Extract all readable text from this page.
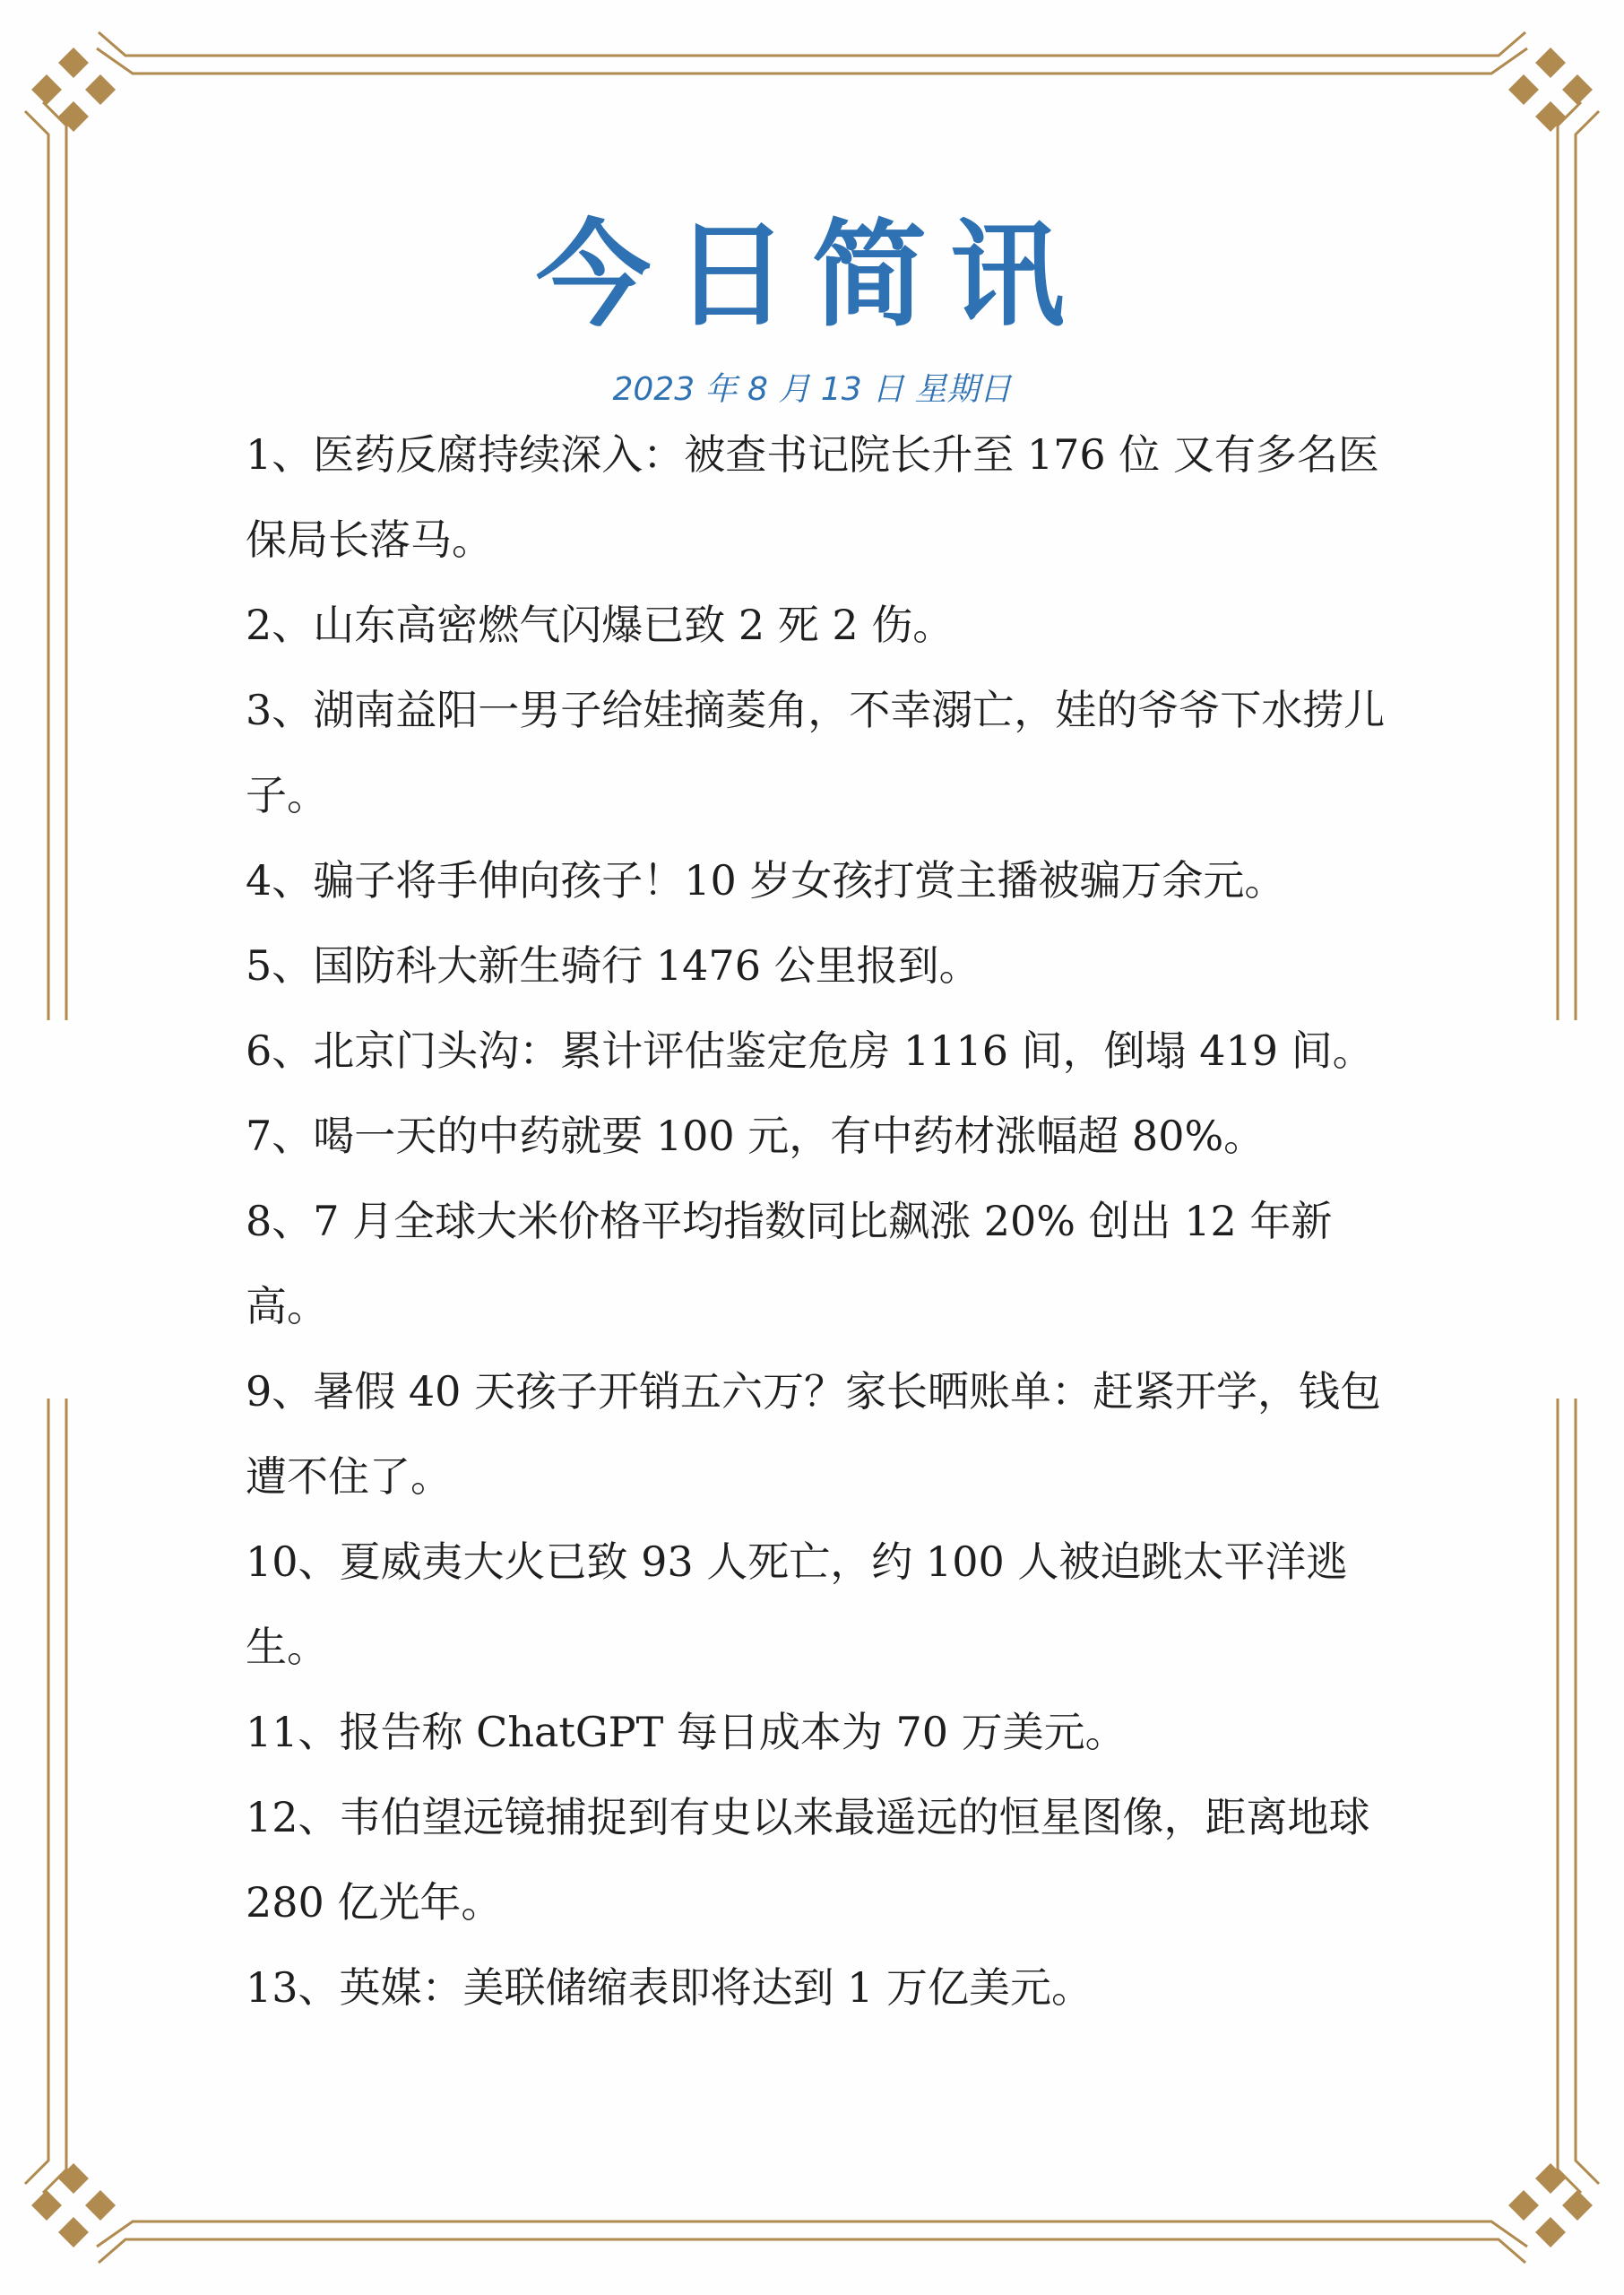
今日简讯
2023 年 8 月 13 日 星期日
1、医药反腐持续深入：被查书记院长升至 176 位 又有多名医保局长落马。
2、山东高密燃气闪爆已致 2 死 2 伤。
3、湖南益阳一男子给娃摘菱角，不幸溺亡，娃的爷爷下水捞儿子。
4、骗子将手伸向孩子！10 岁女孩打赏主播被骗万余元。
5、国防科大新生骑行 1476 公里报到。
6、北京门头沟：累计评估鉴定危房 1116 间，倒塌 419 间。
7、喝一天的中药就要 100 元，有中药材涨幅超 80%。
8、7 月全球大米价格平均指数同比飙涨 20% 创出 12 年新高。
9、暑假 40 天孩子开销五六万？家长晒账单：赶紧开学，钱包遭不住了。
10、夏威夷大火已致 93 人死亡，约 100 人被迫跳太平洋逃生。
11、报告称 ChatGPT 每日成本为 70 万美元。
12、韦伯望远镜捕捉到有史以来最遥远的恒星图像，距离地球 280 亿光年。
13、英媒：美联储缩表即将达到 1 万亿美元。
